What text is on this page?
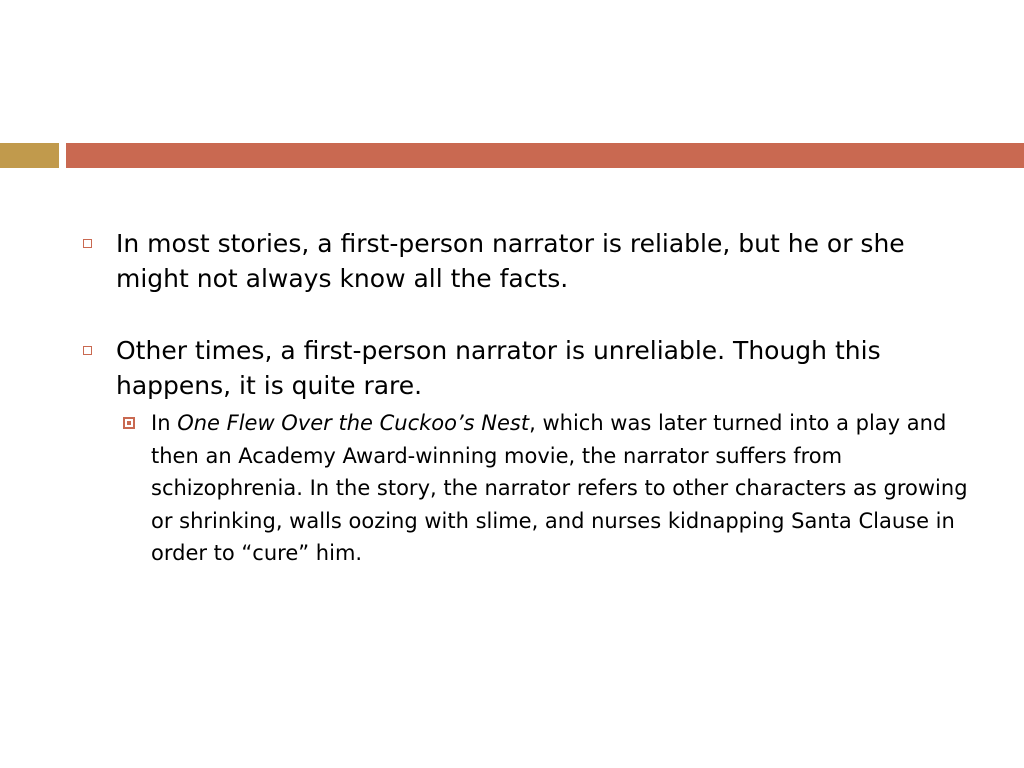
In most stories, a first-person narrator is reliable, but he or she might not always know all the facts.
Other times, a first-person narrator is unreliable. Though this happens, it is quite rare.
In One Flew Over the Cuckoo’s Nest, which was later turned into a play and then an Academy Award-winning movie, the narrator suffers from schizophrenia. In the story, the narrator refers to other characters as growing or shrinking, walls oozing with slime, and nurses kidnapping Santa Clause in order to “cure” him.
